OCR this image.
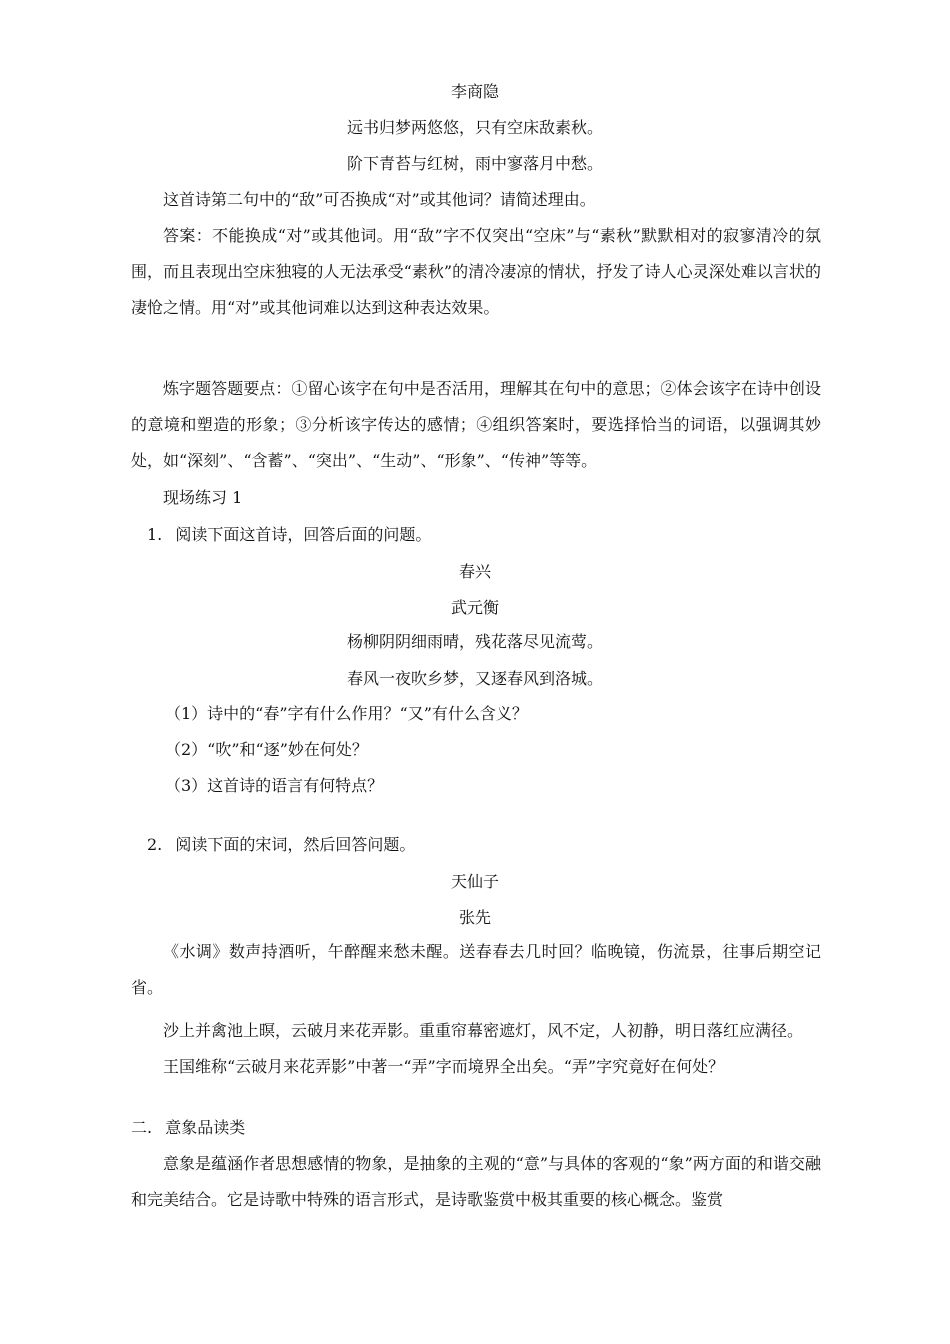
李商隐
远书归梦两悠悠，只有空床敌素秋。
阶下青苔与红树，雨中寥落月中愁。
这首诗第二句中的“敌”可否换成“对”或其他词？请简述理由。
答案：不能换成“对”或其他词。用“敌”字不仅突出“空床”与“素秋”默默相对的寂寥清冷的氛围，而且表现出空床独寝的人无法承受“素秋”的清冷凄凉的情状，抒发了诗人心灵深处难以言状的凄怆之情。用“对”或其他词难以达到这种表达效果。
炼字题答题要点：①留心该字在句中是否活用，理解其在句中的意思；②体会该字在诗中创设的意境和塑造的形象；③分析该字传达的感情；④组织答案时，要选择恰当的词语，以强调其妙处，如“深刻”、“含蓄”、“突出”、“生动”、“形象”、“传神”等等。
现场练习 1
1. 阅读下面这首诗，回答后面的问题。
春兴
武元衡
杨柳阴阴细雨晴，残花落尽见流莺。
春风一夜吹乡梦，又逐春风到洛城。
（1）诗中的“春”字有什么作用？“又”有什么含义？
（2）“吹”和“逐”妙在何处？
（3）这首诗的语言有何特点？
2. 阅读下面的宋词，然后回答问题。
天仙子
张先
《水调》数声持酒听，午醉醒来愁未醒。送春春去几时回？临晚镜，伤流景，往事后期空记省。
沙上并禽池上暝，云破月来花弄影。重重帘幕密遮灯，风不定，人初静，明日落红应满径。
王国维称“云破月来花弄影”中著一“弄”字而境界全出矣。“弄”字究竟好在何处？
二. 意象品读类
意象是蕴涵作者思想感情的物象，是抽象的主观的“意”与具体的客观的“象”两方面的和谐交融和完美结合。它是诗歌中特殊的语言形式，是诗歌鉴赏中极其重要的核心概念。鉴赏
